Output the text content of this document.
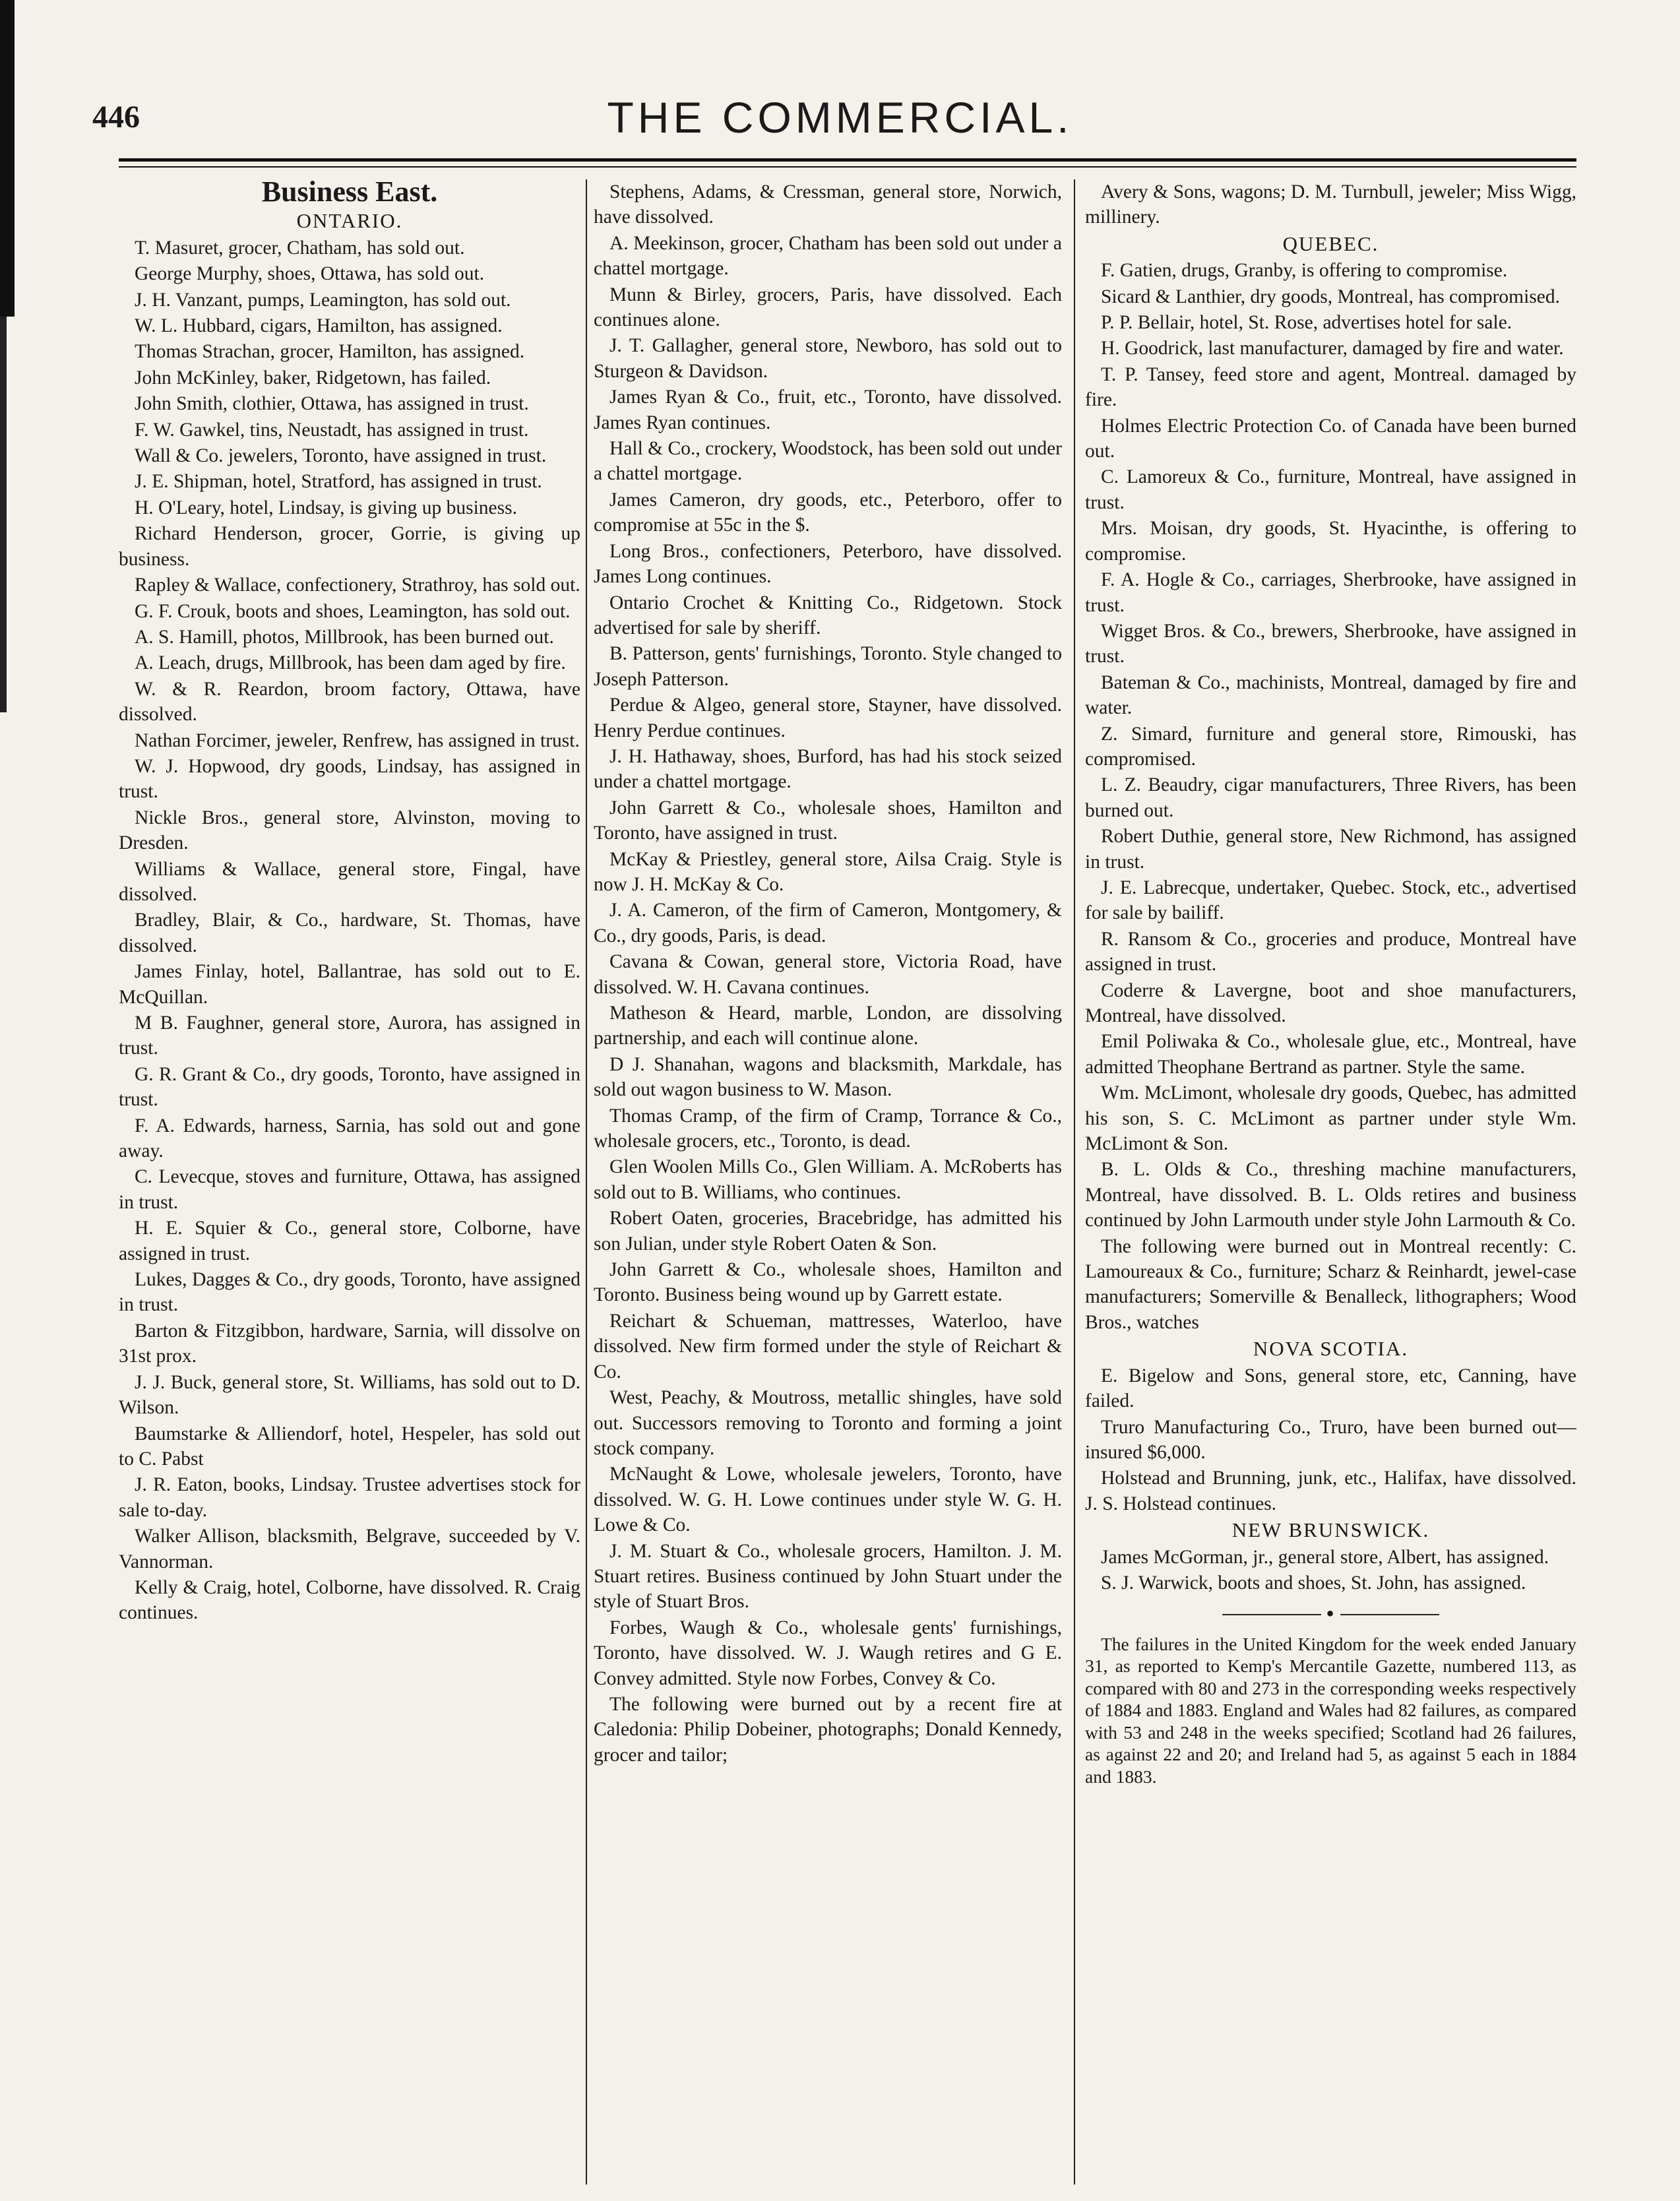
446	THE COMMERCIAL.
Business East.
ONTARIO.

T. Masuret, grocer, Chatham, has sold out.

George Murphy, shoes, Ottawa, has sold out.

J. H. Vanzant, pumps, Leamington, has sold out.

W. L. Hubbard, cigars, Hamilton, has assigned.

Thomas Strachan, grocer, Hamilton, has assigned.

John McKinley, baker, Ridgetown, has failed.

John Smith, clothier, Ottawa, has assigned in trust.

F. W. Gawkel, tins, Neustadt, has assigned in trust.

Wall & Co. jewelers, Toronto, have assigned in trust.

J. E. Shipman, hotel, Stratford, has assigned in trust.

H. O'Leary, hotel, Lindsay, is giving up business.

Richard Henderson, grocer, Gorrie, is giving up business.

Rapley & Wallace, confectionery, Strathroy, has sold out.

G. F. Crouk, boots and shoes, Leamington, has sold out.

A. S. Hamill, photos, Millbrook, has been burned out.

A. Leach, drugs, Millbrook, has been dam aged by fire.

W. & R. Reardon, broom factory, Ottawa, have dissolved.

Nathan Forcimer, jeweler, Renfrew, has assigned in trust.

W. J. Hopwood, dry goods, Lindsay, has assigned in trust.

Nickle Bros., general store, Alvinston, moving to Dresden.

Williams & Wallace, general store, Fingal, have dissolved.

Bradley, Blair, & Co., hardware, St. Thomas, have dissolved.

James Finlay, hotel, Ballantrae, has sold out to E. McQuillan.

M B. Faughner, general store, Aurora, has assigned in trust.

G. R. Grant & Co., dry goods, Toronto, have assigned in trust.

F. A. Edwards, harness, Sarnia, has sold out and gone away.

C. Levecque, stoves and furniture, Ottawa, has assigned in trust.

H. E. Squier & Co., general store, Colborne, have assigned in trust.

Lukes, Dagges & Co., dry goods, Toronto, have assigned in trust.

Barton & Fitzgibbon, hardware, Sarnia, will dissolve on 31st prox.

J. J. Buck, general store, St. Williams, has sold out to D. Wilson.

Baumstarke & Alliendorf, hotel, Hespeler, has sold out to C. Pabst

J. R. Eaton, books, Lindsay. Trustee advertises stock for sale to-day.

Walker Allison, blacksmith, Belgrave, succeeded by V. Vannorman.

Kelly & Craig, hotel, Colborne, have dissolved. R. Craig continues.

Stephens, Adams, & Cressman, general store, Norwich, have dissolved.

A. Meekinson, grocer, Chatham has been sold out under a chattel mortgage.

Munn & Birley, grocers, Paris, have dissolved. Each continues alone.

J. T. Gallagher, general store, Newboro, has sold out to Sturgeon & Davidson.

James Ryan & Co., fruit, etc., Toronto, have dissolved. James Ryan continues.

Hall & Co., crockery, Woodstock, has been sold out under a chattel mortgage.

James Cameron, dry goods, etc., Peterboro, offer to compromise at 55c in the $.

Long Bros., confectioners, Peterboro, have dissolved. James Long continues.

Ontario Crochet & Knitting Co., Ridgetown. Stock advertised for sale by sheriff.

B. Patterson, gents' furnishings, Toronto. Style changed to Joseph Patterson.

Perdue & Algeo, general store, Stayner, have dissolved. Henry Perdue continues.

J. H. Hathaway, shoes, Burford, has had his stock seized under a chattel mortgage.

John Garrett & Co., wholesale shoes, Hamilton and Toronto, have assigned in trust.

McKay & Priestley, general store, Ailsa Craig. Style is now J. H. McKay & Co.

J. A. Cameron, of the firm of Cameron, Montgomery, & Co., dry goods, Paris, is dead.

Cavana & Cowan, general store, Victoria Road, have dissolved. W. H. Cavana continues.

Matheson & Heard, marble, London, are dissolving partnership, and each will continue alone.

D J. Shanahan, wagons and blacksmith, Markdale, has sold out wagon business to W. Mason.

Thomas Cramp, of the firm of Cramp, Torrance & Co., wholesale grocers, etc., Toronto, is dead.

Glen Woolen Mills Co., Glen William. A. McRoberts has sold out to B. Williams, who continues.

Robert Oaten, groceries, Bracebridge, has admitted his son Julian, under style Robert Oaten & Son.

John Garrett & Co., wholesale shoes, Hamilton and Toronto. Business being wound up by Garrett estate.

Reichart & Schueman, mattresses, Waterloo, have dissolved. New firm formed under the style of Reichart & Co.

West, Peachy, & Moutross, metallic shingles, have sold out. Successors removing to Toronto and forming a joint stock company.

McNaught & Lowe, wholesale jewelers, Toronto, have dissolved. W. G. H. Lowe continues under style W. G. H. Lowe & Co.

J. M. Stuart & Co., wholesale grocers, Hamilton. J. M. Stuart retires. Business continued by John Stuart under the style of Stuart Bros.

Forbes, Waugh & Co., wholesale gents' furnishings, Toronto, have dissolved. W. J. Waugh retires and G E. Convey admitted. Style now Forbes, Convey & Co.

The following were burned out by a recent fire at Caledonia: Philip Dobeiner, photographs; Donald Kennedy, grocer and tailor;

Avery & Sons, wagons; D. M. Turnbull, jeweler; Miss Wigg, millinery.

QUEBEC.

F. Gatien, drugs, Granby, is offering to compromise.

Sicard & Lanthier, dry goods, Montreal, has compromised.

P. P. Bellair, hotel, St. Rose, advertises hotel for sale.

H. Goodrick, last manufacturer, damaged by fire and water.

T. P. Tansey, feed store and agent, Montreal. damaged by fire.

Holmes Electric Protection Co. of Canada have been burned out.

C. Lamoreux & Co., furniture, Montreal, have assigned in trust.

Mrs. Moisan, dry goods, St. Hyacinthe, is offering to compromise.

F. A. Hogle & Co., carriages, Sherbrooke, have assigned in trust.

Wigget Bros. & Co., brewers, Sherbrooke, have assigned in trust.

Bateman & Co., machinists, Montreal, damaged by fire and water.

Z. Simard, furniture and general store, Rimouski, has compromised.

L. Z. Beaudry, cigar manufacturers, Three Rivers, has been burned out.

Robert Duthie, general store, New Richmond, has assigned in trust.

J. E. Labrecque, undertaker, Quebec. Stock, etc., advertised for sale by bailiff.

R. Ransom & Co., groceries and produce, Montreal have assigned in trust.

Coderre & Lavergne, boot and shoe manufacturers, Montreal, have dissolved.

Emil Poliwaka & Co., wholesale glue, etc., Montreal, have admitted Theophane Bertrand as partner. Style the same.

Wm. McLimont, wholesale dry goods, Quebec, has admitted his son, S. C. McLimont as partner under style Wm. McLimont & Son.

B. L. Olds & Co., threshing machine manufacturers, Montreal, have dissolved. B. L. Olds retires and business continued by John Larmouth under style John Larmouth & Co.

The following were burned out in Montreal recently: C. Lamoureaux & Co., furniture; Scharz & Reinhardt, jewel-case manufacturers; Somerville & Benalleck, lithographers; Wood Bros., watches

NOVA SCOTIA.

E. Bigelow and Sons, general store, etc, Canning, have failed.

Truro Manufacturing Co., Truro, have been burned out—insured $6,000.

Holstead and Brunning, junk, etc., Halifax, have dissolved. J. S. Holstead continues.

NEW BRUNSWICK.

James McGorman, jr., general store, Albert, has assigned.

S. J. Warwick, boots and shoes, St. John, has assigned.

●

The failures in the United Kingdom for the week ended January 31, as reported to Kemp's Mercantile Gazette, numbered 113, as compared with 80 and 273 in the corresponding weeks respectively of 1884 and 1883. England and Wales had 82 failures, as compared with 53 and 248 in the weeks specified; Scotland had 26 failures, as against 22 and 20; and Ireland had 5, as against 5 each in 1884 and 1883.
